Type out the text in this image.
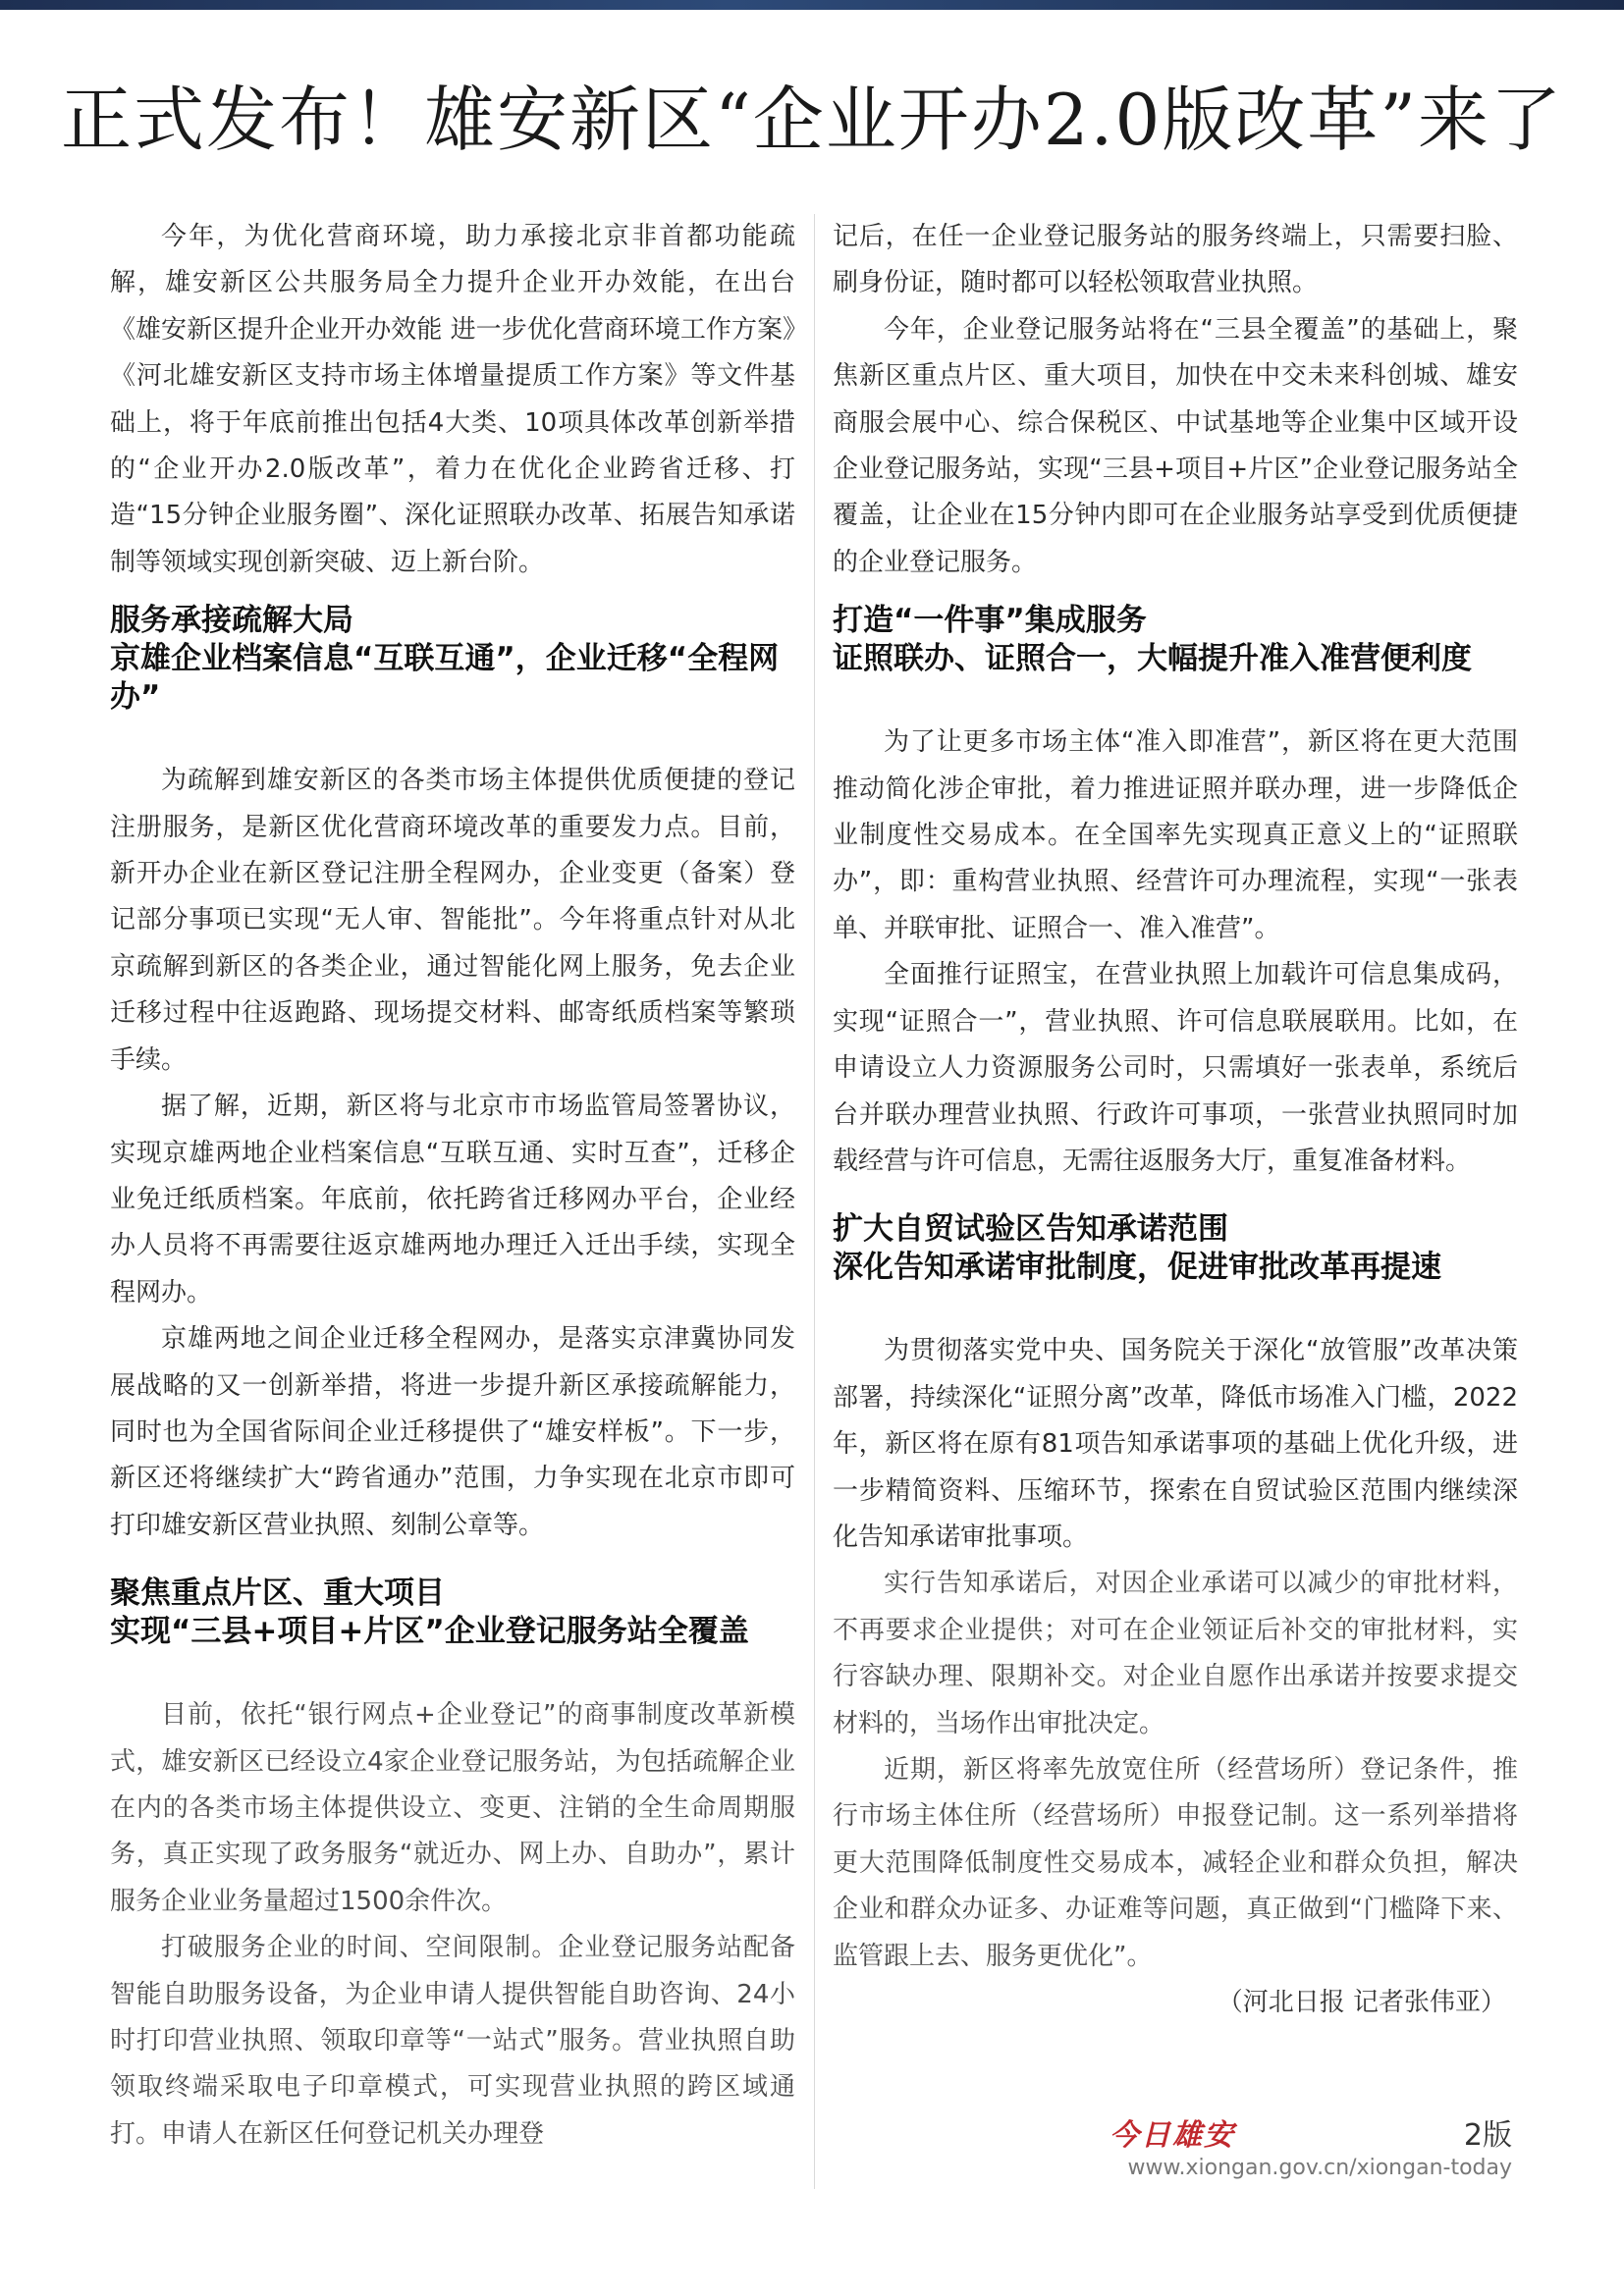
正式发布！雄安新区“企业开办2.0版改革”来了

今年，为优化营商环境，助力承接北京非首都功能疏解，雄安新区公共服务局全力提升企业开办效能，在出台《雄安新区提升企业开办效能 进一步优化营商环境工作方案》《河北雄安新区支持市场主体增量提质工作方案》等文件基础上，将于年底前推出包括4大类、10项具体改革创新举措的“企业开办2.0版改革”，着力在优化企业跨省迁移、打造“15分钟企业服务圈”、深化证照联办改革、拓展告知承诺制等领域实现创新突破、迈上新台阶。

服务承接疏解大局
京雄企业档案信息“互联互通”，企业迁移“全程网办”

为疏解到雄安新区的各类市场主体提供优质便捷的登记注册服务，是新区优化营商环境改革的重要发力点。目前，新开办企业在新区登记注册全程网办，企业变更（备案）登记部分事项已实现“无人审、智能批”。今年将重点针对从北京疏解到新区的各类企业，通过智能化网上服务，免去企业迁移过程中往返跑路、现场提交材料、邮寄纸质档案等繁琐手续。

据了解，近期，新区将与北京市市场监管局签署协议，实现京雄两地企业档案信息“互联互通、实时互查”，迁移企业免迁纸质档案。年底前，依托跨省迁移网办平台，企业经办人员将不再需要往返京雄两地办理迁入迁出手续，实现全程网办。

京雄两地之间企业迁移全程网办，是落实京津冀协同发展战略的又一创新举措，将进一步提升新区承接疏解能力，同时也为全国省际间企业迁移提供了“雄安样板”。下一步，新区还将继续扩大“跨省通办”范围，力争实现在北京市即可打印雄安新区营业执照、刻制公章等。

聚焦重点片区、重大项目
实现“三县+项目+片区”企业登记服务站全覆盖

目前，依托“银行网点+企业登记”的商事制度改革新模式，雄安新区已经设立4家企业登记服务站，为包括疏解企业在内的各类市场主体提供设立、变更、注销的全生命周期服务，真正实现了政务服务“就近办、网上办、自助办”，累计服务企业业务量超过1500余件次。

打破服务企业的时间、空间限制。企业登记服务站配备智能自助服务设备，为企业申请人提供智能自助咨询、24小时打印营业执照、领取印章等“一站式”服务。营业执照自助领取终端采取电子印章模式，可实现营业执照的跨区域通打。申请人在新区任何登记机关办理登

记后，在任一企业登记服务站的服务终端上，只需要扫脸、刷身份证，随时都可以轻松领取营业执照。

今年，企业登记服务站将在“三县全覆盖”的基础上，聚焦新区重点片区、重大项目，加快在中交未来科创城、雄安商服会展中心、综合保税区、中试基地等企业集中区域开设企业登记服务站，实现“三县+项目+片区”企业登记服务站全覆盖，让企业在15分钟内即可在企业服务站享受到优质便捷的企业登记服务。

打造“一件事”集成服务
证照联办、证照合一，大幅提升准入准营便利度

为了让更多市场主体“准入即准营”，新区将在更大范围推动简化涉企审批，着力推进证照并联办理，进一步降低企业制度性交易成本。在全国率先实现真正意义上的“证照联办”，即：重构营业执照、经营许可办理流程，实现“一张表单、并联审批、证照合一、准入准营”。

全面推行证照宝，在营业执照上加载许可信息集成码，实现“证照合一”，营业执照、许可信息联展联用。比如，在申请设立人力资源服务公司时，只需填好一张表单，系统后台并联办理营业执照、行政许可事项，一张营业执照同时加载经营与许可信息，无需往返服务大厅，重复准备材料。

扩大自贸试验区告知承诺范围
深化告知承诺审批制度，促进审批改革再提速

为贯彻落实党中央、国务院关于深化“放管服”改革决策部署，持续深化“证照分离”改革，降低市场准入门槛，2022年，新区将在原有81项告知承诺事项的基础上优化升级，进一步精简资料、压缩环节，探索在自贸试验区范围内继续深化告知承诺审批事项。

实行告知承诺后，对因企业承诺可以减少的审批材料，不再要求企业提供；对可在企业领证后补交的审批材料，实行容缺办理、限期补交。对企业自愿作出承诺并按要求提交材料的，当场作出审批决定。

近期，新区将率先放宽住所（经营场所）登记条件，推行市场主体住所（经营场所）申报登记制。这一系列举措将更大范围降低制度性交易成本，减轻企业和群众负担，解决企业和群众办证多、办证难等问题，真正做到“门槛降下来、监管跟上去、服务更优化”。

（河北日报 记者张伟亚）

今日雄安	2版
www.xiongan.gov.cn/xiongan-today
